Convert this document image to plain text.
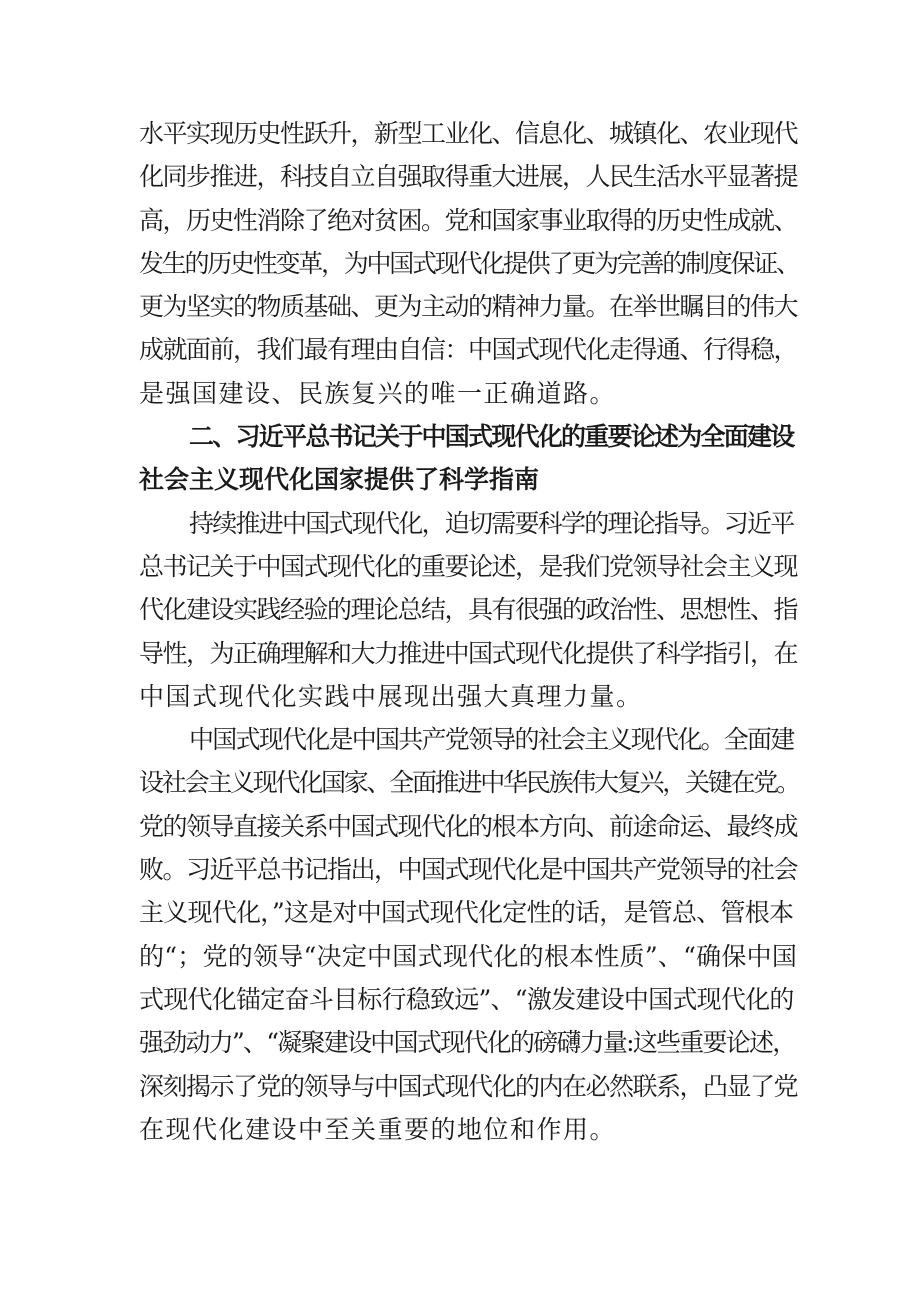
水平实现历史性跃升，新型工业化、信息化、城镇化、农业现代
化同步推进，科技自立自强取得重大进展，人民生活水平显著提
高，历史性消除了绝对贫困。党和国家事业取得的历史性成就、
发生的历史性变革，为中国式现代化提供了更为完善的制度保证、
更为坚实的物质基础、更为主动的精神力量。在举世瞩目的伟大
成就面前，我们最有理由自信：中国式现代化走得通、行得稳，
是强国建设、民族复兴的唯一正确道路。
二、习近平总书记关于中国式现代化的重要论述为全面建设
社会主义现代化国家提供了科学指南
持续推进中国式现代化，迫切需要科学的理论指导。习近平
总书记关于中国式现代化的重要论述，是我们党领导社会主义现
代化建设实践经验的理论总结，具有很强的政治性、思想性、指
导性，为正确理解和大力推进中国式现代化提供了科学指引，在
中国式现代化实践中展现出强大真理力量。
中国式现代化是中国共产党领导的社会主义现代化。全面建
设社会主义现代化国家、全面推进中华民族伟大复兴，关键在党。
党的领导直接关系中国式现代化的根本方向、前途命运、最终成
败。习近平总书记指出，中国式现代化是中国共产党领导的社会
主义现代化，”这是对中国式现代化定性的话，是管总、管根本
的“；党的领导“决定中国式现代化的根本性质”、“确保中国
式现代化锚定奋斗目标行稳致远”、“激发建设中国式现代化的
强劲动力”、“凝聚建设中国式现代化的磅礴力量:这些重要论述，
深刻揭示了党的领导与中国式现代化的内在必然联系，凸显了党
在现代化建设中至关重要的地位和作用。
